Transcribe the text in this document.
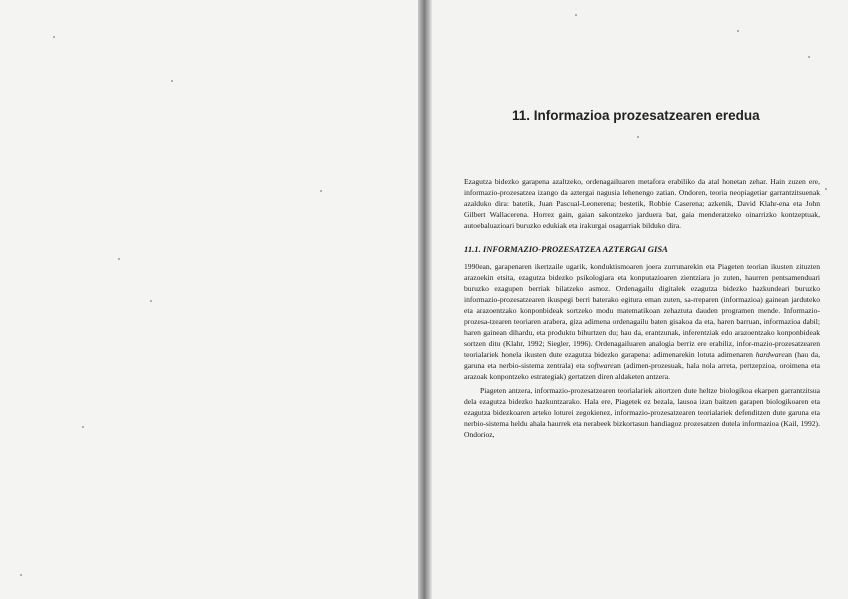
11. Informazioa prozesatzearen eredua

Ezagutza bidezko garapena azaltzeko, ordenagailuaren metafora erabiliko da atal honetan zehar. Hain zuzen ere, informazio-prozesatzea izango da aztergai nagusia lehenengo zatian. Ondoren, teoria neopiagetiar garrantzitsuenak azalduko dira: batetik, Juan Pascual-Leonerena; bestetik, Robbie Caserena; azkenik, David Klahr-ena eta John Gilbert Wallacerena. Horrez gain, gaian sakontzeko jarduera bat, gaia menderatzeko oinarrizko kontzeptuak, autoebaluazioari buruzko edukiak eta irakurgai osagarriak bilduko dira.

11.1. INFORMAZIO-PROZESATZEA AZTERGAI GISA

1990ean, garapenaren ikertzaile ugarik, konduktismoaren joera zurrunarekin eta Piageten teorian ikusten zituzten arazoekin etsita, ezagutza bidezko psikologiara eta konputazioaren zientziara jo zuten, haurren pentsamenduari buruzko ezagupen berriak bilatzeko asmoz. Ordenagailu digitalek ezagutza bidezko hazkundeari buruzko informazio-prozesatzearen ikuspegi berri baterako egitura eman zuten, sa-rrераren (informazioa) gainean jarduteko eta arazoentzako konponbideak sortzeko modu matematikoan zehaztuta dauden programen mende. Informazio-prozesa-tzearen teoriaren arabera, giza adimena ordenagailu baten gisakoa da eta, haren barruan, informazioa dabil; haren gainean dihardu, eta produktu bihurtzen du; hau da, erantzunak, inferentziak edo arazoentzako konponbideak sortzen ditu (Klahr, 1992; Siegler, 1996). Ordenagailuaren analogia berriz ere erabiliz, infor-mazio-prozesatzearen teorialariek honela ikusten dute ezagutza bidezko garapena: adimenarekin lotuta adimenaren hardwarean (hau da, garuna eta nerbio-sistema zentrala) eta softwarean (adimen-prozesuak, hala nola arreta, pertzepzioa, oroimena eta arazoak konpontzeko estrategiak) gertatzen diren aldaketen antzera.

Piageten antzera, informazio-prozesatzearen teorialariek aitortzen dute heltze biologikoa ekarpen garrantzitsua dela ezagutza bidezko hazkuntzarako. Hala ere, Piagetek ez bezala, lausoa izan baitzen garapen biologikoaren eta ezagutza bidezkoaren arteko loturei zegokienez, informazio-prozesatzearen teorialariek defenditzen dute garuna eta nerbio-sistema heldu ahala haurrek eta nerabeek bizkortasun handiagoz prozesatzen dutela informazioa (Kail, 1992). Ondorioz,
